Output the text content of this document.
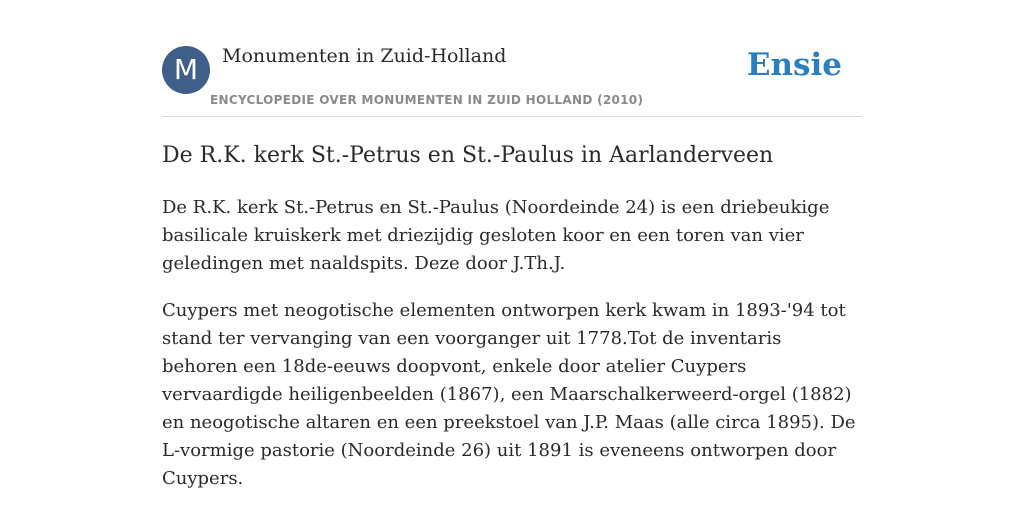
M	Monumenten in Zuid-Holland
ENCYCLOPEDIE OVER MONUMENTEN IN ZUID HOLLAND (2010)
Ensie
De R.K. kerk St.-Petrus en St.-Paulus in Aarlanderveen

De R.K. kerk St.-Petrus en St.-Paulus (Noordeinde 24) is een driebeukige basilicale kruiskerk met driezijdig gesloten koor en een toren van vier geledingen met naaldspits. Deze door J.Th.J.

Cuypers met neogotische elementen ontworpen kerk kwam in 1893-'94 tot stand ter vervanging van een voorganger uit 1778.Tot de inventaris behoren een 18de-eeuws doopvont, enkele door atelier Cuypers vervaardigde heiligenbeelden (1867), een Maarschalkerweerd-orgel (1882) en neogotische altaren en een preekstoel van J.P. Maas (alle circa 1895). De L-vormige pastorie (Noordeinde 26) uit 1891 is eveneens ontworpen door Cuypers.
